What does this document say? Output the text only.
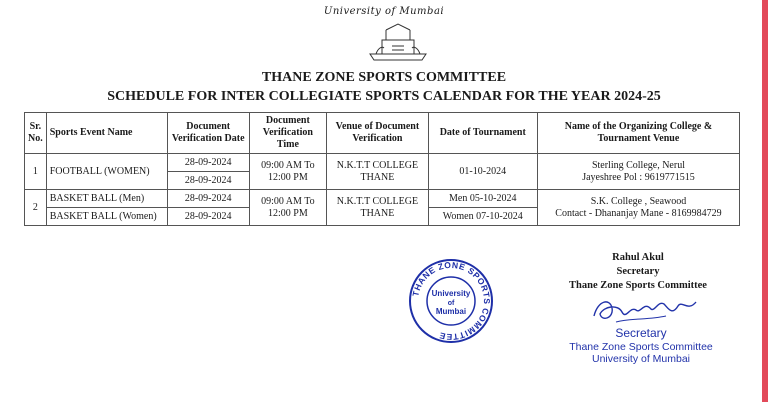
University of Mumbai
THANE ZONE SPORTS COMMITTEE
SCHEDULE FOR INTER COLLEGIATE SPORTS CALENDAR FOR THE YEAR 2024-25
Sr. No.	Sports Event Name	Document Verification Date	Document Verification Time	Venue of Document Verification	Date of Tournament	Name of the Organizing College & Tournament Venue
1	FOOTBALL (WOMEN)	28-09-2024	09:00 AM To 12:00 PM	N.K.T.T COLLEGE THANE	01-10-2024	Sterling College, Nerul
Jayeshree Pol : 9619771515

		28-09-2024				
2	BASKET BALL (Men)	28-09-2024	09:00 AM To 12:00 PM	N.K.T.T COLLEGE THANE	Men 05-10-2024	S.K. College , Seawood
Contact - Dhananjay Mane - 8169984729

	BASKET BALL (Women)	28-09-2024			Women 07-10-2024	
Rahul Akul
Secretary
Thane Zone Sports Committee
THANE ZONE SPORTS COMMITTEE
University
of
Mumbai
Secretary
Thane Zone Sports Committee
University of Mumbai
